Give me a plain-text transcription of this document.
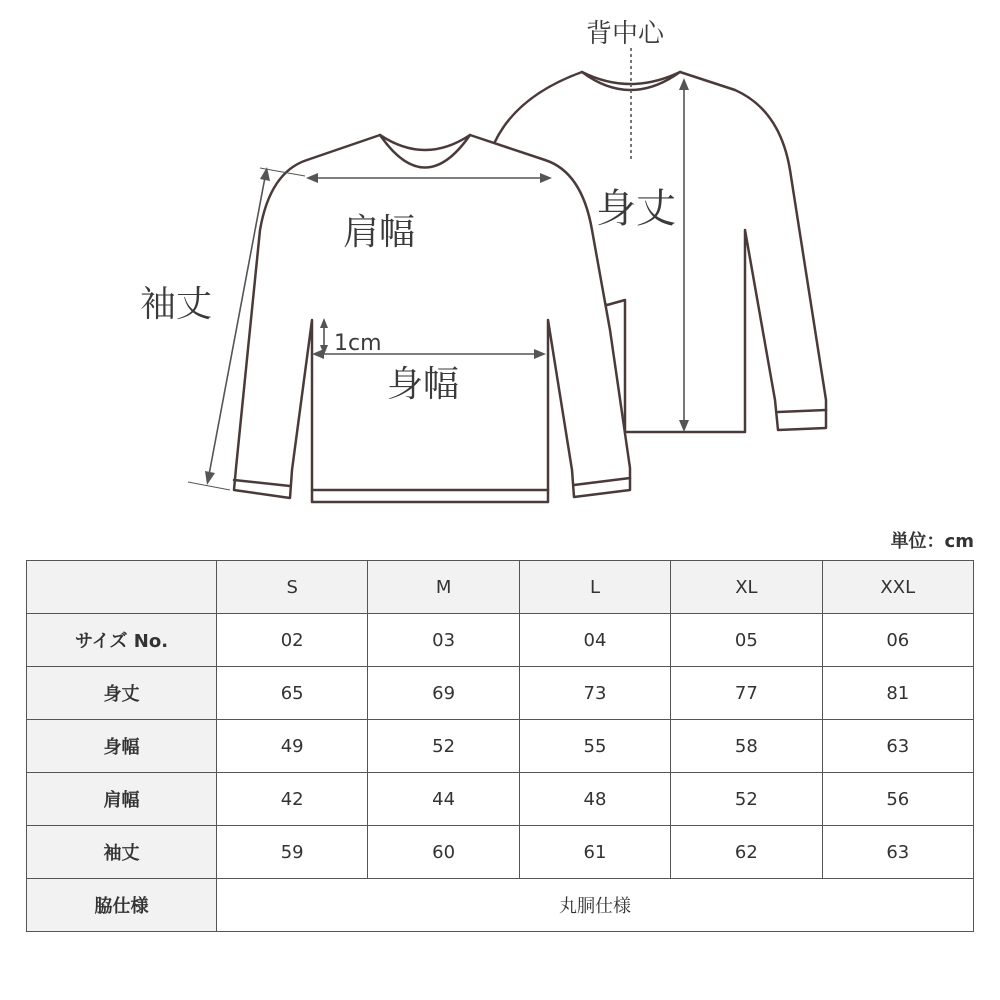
背中心
身丈
肩幅
袖丈
1cm
身幅
単位：cm
	S	M	L	XL	XXL
サイズ No.	02	03	04	05	06
身丈	65	69	73	77	81
身幅	49	52	55	58	63
肩幅	42	44	48	52	56
袖丈	59	60	61	62	63
脇仕様	丸胴仕様				
